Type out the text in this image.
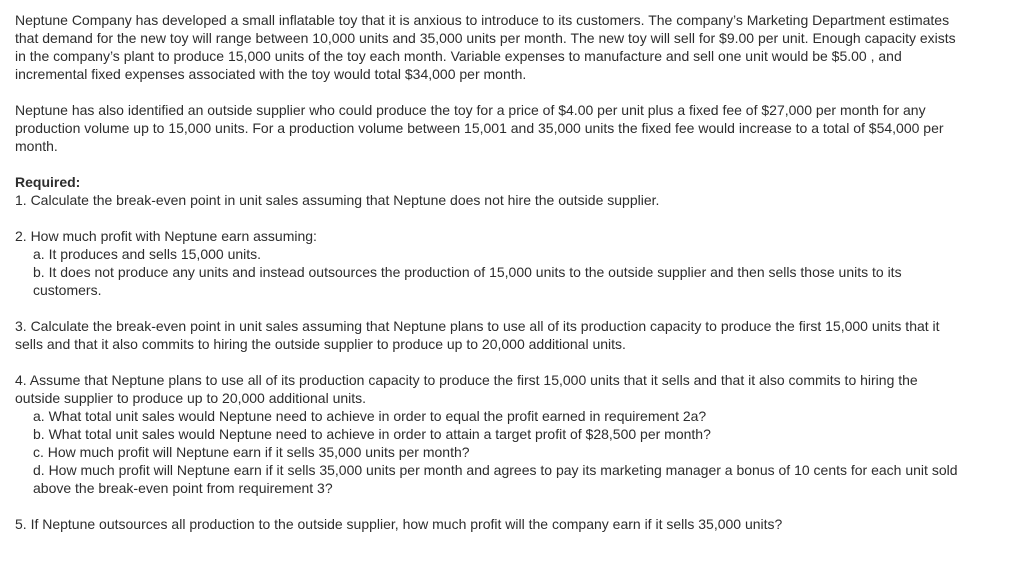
Neptune Company has developed a small inflatable toy that it is anxious to introduce to its customers. The company’s Marketing Department estimates that demand for the new toy will range between 10,000 units and 35,000 units per month. The new toy will sell for $9.00 per unit. Enough capacity exists in the company’s plant to produce 15,000 units of the toy each month. Variable expenses to manufacture and sell one unit would be $5.00 , and incremental fixed expenses associated with the toy would total $34,000 per month.

Neptune has also identified an outside supplier who could produce the toy for a price of $4.00 per unit plus a fixed fee of $27,000 per month for any production volume up to 15,000 units. For a production volume between 15,001 and 35,000 units the fixed fee would increase to a total of $54,000 per month.

Required:

1. Calculate the break-even point in unit sales assuming that Neptune does not hire the outside supplier.

2. How much profit with Neptune earn assuming:

a. It produces and sells 15,000 units.

b. It does not produce any units and instead outsources the production of 15,000 units to the outside supplier and then sells those units to its customers.

3. Calculate the break-even point in unit sales assuming that Neptune plans to use all of its production capacity to produce the first 15,000 units that it sells and that it also commits to hiring the outside supplier to produce up to 20,000 additional units.

4. Assume that Neptune plans to use all of its production capacity to produce the first 15,000 units that it sells and that it also commits to hiring the outside supplier to produce up to 20,000 additional units.

a. What total unit sales would Neptune need to achieve in order to equal the profit earned in requirement 2a?

b. What total unit sales would Neptune need to achieve in order to attain a target profit of $28,500 per month?

c. How much profit will Neptune earn if it sells 35,000 units per month?

d. How much profit will Neptune earn if it sells 35,000 units per month and agrees to pay its marketing manager a bonus of 10 cents for each unit sold above the break-even point from requirement 3?

5. If Neptune outsources all production to the outside supplier, how much profit will the company earn if it sells 35,000 units?
